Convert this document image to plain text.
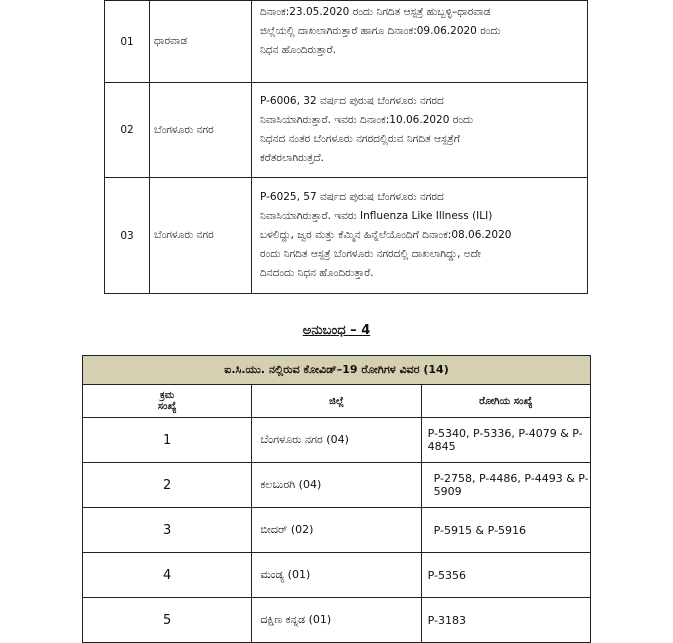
01	ಧಾರವಾಡ	ದಿನಾಂಕ:23.05.2020 ರಂದು ನಿಗದಿತ ಆಸ್ಪತ್ರೆ ಹುಬ್ಬಳ್ಳಿ–ಧಾರವಾಡ
ಜಿಲ್ಲೆಯಲ್ಲಿ ದಾಖಲಾಗಿರುತ್ತಾರೆ ಹಾಗೂ ದಿನಾಂಕ:09.06.2020 ರಂದು
ನಿಧನ ಹೊಂದಿರುತ್ತಾರೆ.

02	ಬೆಂಗಳೂರು ನಗರ	P-6006, 32 ವರ್ಷದ ಪುರುಷ ಬೆಂಗಳೂರು ನಗರದ
ನಿವಾಸಿಯಾಗಿರುತ್ತಾರೆ. ಇವರು ದಿನಾಂಕ:10.06.2020 ರಂದು
ನಿಧನದ ನಂತರ ಬೆಂಗಳೂರು ನಗರದಲ್ಲಿರುವ ನಿಗದಿತ ಆಸ್ಪತ್ರೆಗೆ
ಕರೆತರಲಾಗಿರುತ್ತದೆ.

03	ಬೆಂಗಳೂರು ನಗರ	P-6025, 57 ವರ್ಷದ ಪುರುಷ ಬೆಂಗಳೂರು ನಗರದ
ನಿವಾಸಿಯಾಗಿರುತ್ತಾರೆ. ಇವರು Influenza Like Illness (ILI)
ಬಳಲಿದ್ದು, ಜ್ವರ ಮತ್ತು ಕೆಮ್ಮಿನ ಹಿನ್ನೆಲೆಯೊಂದಿಗೆ ದಿನಾಂಕ:08.06.2020
ರಂದು ನಿಗದಿತ ಆಸ್ಪತ್ರೆ ಬೆಂಗಳೂರು ನಗರದಲ್ಲಿ ದಾಖಲಾಗಿದ್ದು, ಅದೇ
ದಿನದಂದು ನಿಧನ ಹೊಂದಿರುತ್ತಾರೆ.
ಅನುಬಂಧ – 4
ಐ.ಸಿ.ಯು. ನಲ್ಲಿರುವ ಕೋವಿಡ್–19 ರೋಗಿಗಳ ವಿವರ (14)		

ಕ್ರಮ
ಸಂಖ್ಯೆ	ಜಿಲ್ಲೆ	ರೋಗಿಯ ಸಂಖ್ಯೆ
1	ಬೆಂಗಳೂರು ನಗರ (04)	P-5340, P-5336, P-4079 & P-4845
2	ಕಲಬುರಗಿ (04)	P-2758, P-4486, P-4493 & P-5909
3	ಬೀದರ್ (02)	P-5915 & P-5916
4	ಮಂಡ್ಯ (01)	P-5356
5	ದಕ್ಷಿಣ ಕನ್ನಡ (01)	P-3183
